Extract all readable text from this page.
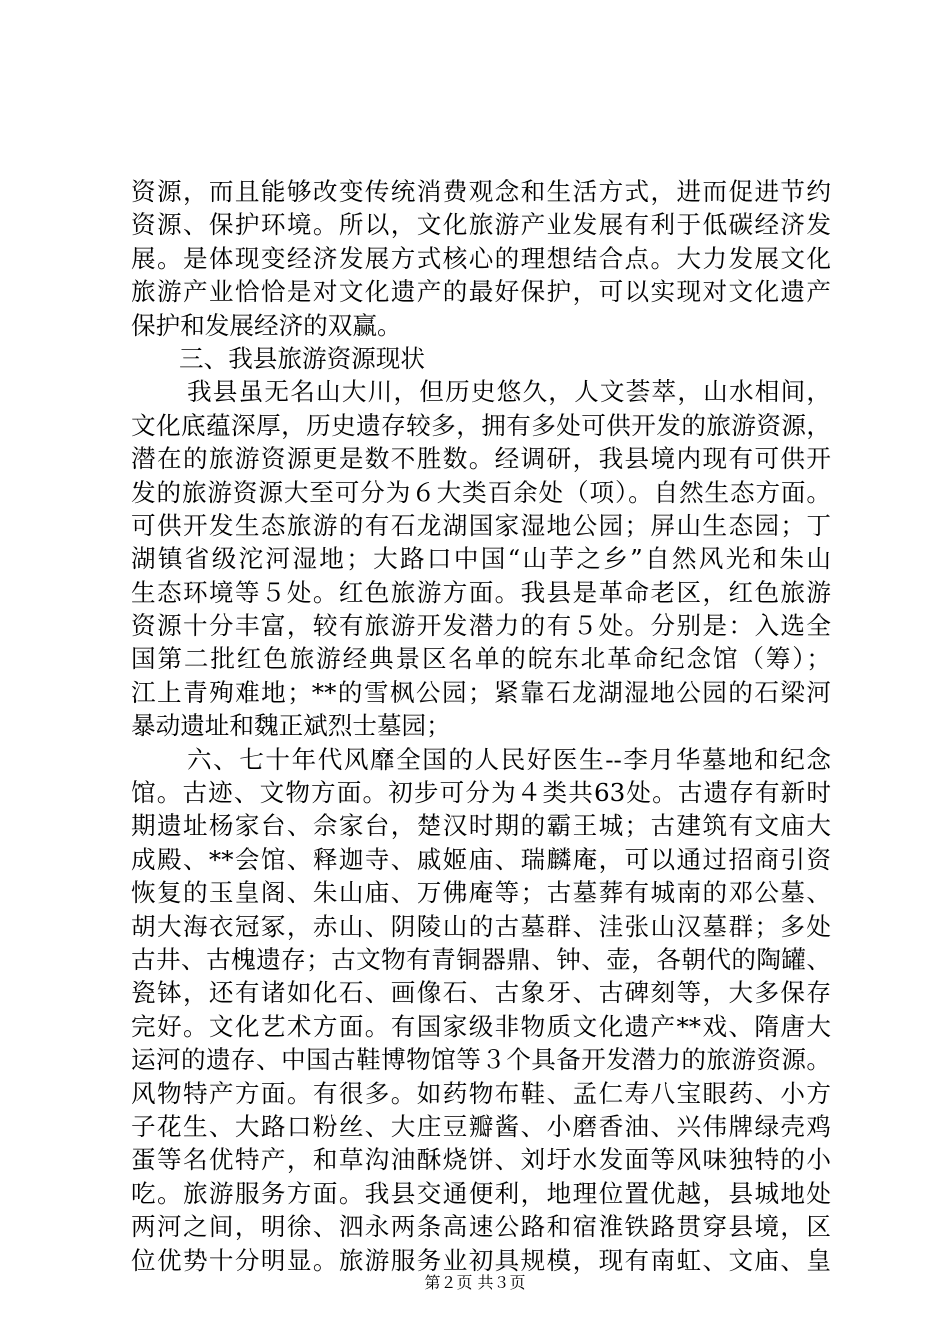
资源，而且能够改变传统消费观念和生活方式，进而促进节约
资源、保护环境。所以，文化旅游产业发展有利于低碳经济发
展。是体现变经济发展方式核心的理想结合点。大力发展文化
旅游产业恰恰是对文化遗产的最好保护，可以实现对文化遗产
保护和发展经济的双赢。
三、我县旅游资源现状
我县虽无名山大川，但历史悠久，人文荟萃，山水相间，
文化底蕴深厚，历史遗存较多，拥有多处可供开发的旅游资源，
潜在的旅游资源更是数不胜数。经调研，我县境内现有可供开
发的旅游资源大至可分为６大类百余处（项）。自然生态方面。
可供开发生态旅游的有石龙湖国家湿地公园；屏山生态园；丁
湖镇省级沱河湿地；大路口中国“山芋之乡”自然风光和朱山
生态环境等５处。红色旅游方面。我县是革命老区，红色旅游
资源十分丰富，较有旅游开发潜力的有５处。分别是：入选全
国第二批红色旅游经典景区名单的皖东北革命纪念馆（筹）；
江上青殉难地；**的雪枫公园；紧靠石龙湖湿地公园的石梁河
暴动遗址和魏正斌烈士墓园；
六、七十年代风靡全国的人民好医生--李月华墓地和纪念
馆。古迹、文物方面。初步可分为４类共63处。古遗存有新时
期遗址杨家台、佘家台，楚汉时期的霸王城；古建筑有文庙大
成殿、**会馆、释迦寺、戚姬庙、瑞麟庵，可以通过招商引资
恢复的玉皇阁、朱山庙、万佛庵等；古墓葬有城南的邓公墓、
胡大海衣冠冢，赤山、阴陵山的古墓群、洼张山汉墓群；多处
古井、古槐遗存；古文物有青铜器鼎、钟、壶，各朝代的陶罐、
瓷钵，还有诸如化石、画像石、古象牙、古碑刻等，大多保存
完好。文化艺术方面。有国家级非物质文化遗产**戏、隋唐大
运河的遗存、中国古鞋博物馆等３个具备开发潜力的旅游资源。
风物特产方面。有很多。如药物布鞋、孟仁寿八宝眼药、小方
子花生、大路口粉丝、大庄豆瓣酱、小磨香油、兴伟牌绿壳鸡
蛋等名优特产，和草沟油酥烧饼、刘圩水发面等风味独特的小
吃。旅游服务方面。我县交通便利，地理位置优越，县城地处
两河之间，明徐、泗永两条高速公路和宿淮铁路贯穿县境，区
位优势十分明显。旅游服务业初具规模，现有南虹、文庙、皇
第２页 共３页
